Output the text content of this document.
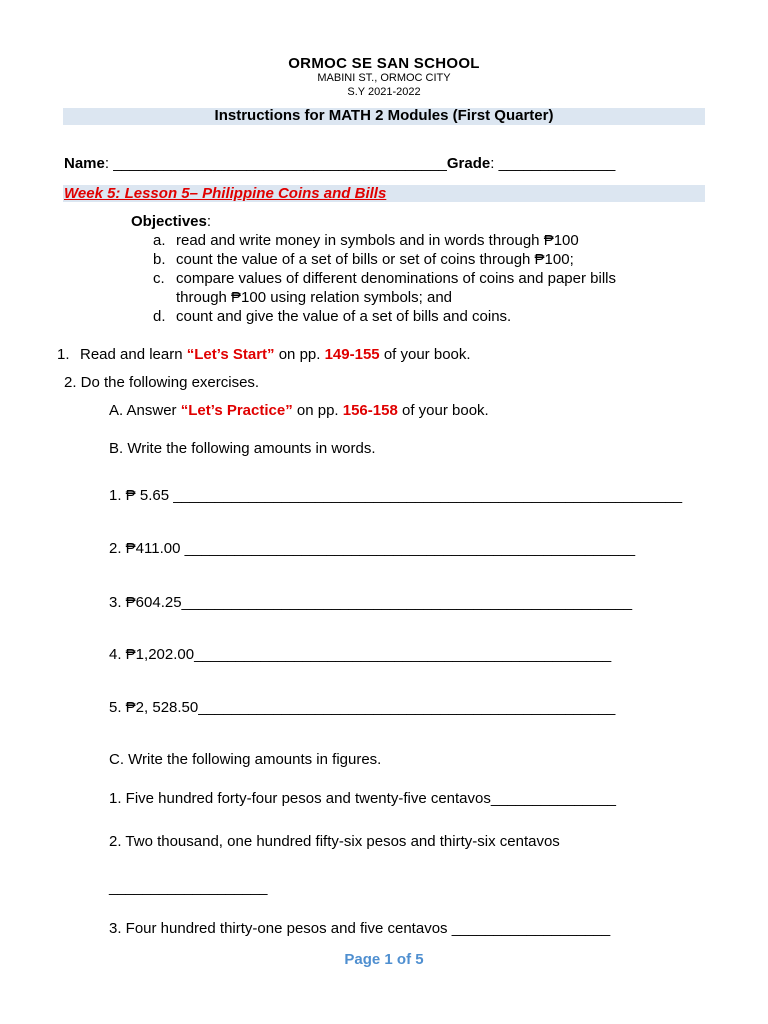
ORMOC SE SAN SCHOOL
MABINI ST., ORMOC CITY
S.Y 2021-2022
Instructions for MATH 2 Modules (First Quarter)
Name: ________________________________________Grade: ______________
Week 5: Lesson 5– Philippine Coins and Bills
Objectives:
a. read and write money in symbols and in words through ₱100
b. count the value of a set of bills or set of coins through ₱100;
c. compare values of different denominations of coins and paper bills
through ₱100 using relation symbols; and
d. count and give the value of a set of bills and coins.
1. Read and learn “Let’s Start” on pp. 149-155 of your book.
2. Do the following exercises.
A. Answer “Let’s Practice” on pp. 156-158 of your book.
B. Write the following amounts in words.
1. ₱ 5.65 _____________________________________________________________
2. ₱411.00 ______________________________________________________
3. ₱604.25______________________________________________________
4. ₱1,202.00__________________________________________________
5. ₱2, 528.50__________________________________________________
C. Write the following amounts in figures.
1. Five hundred forty-four pesos and twenty-five centavos_______________
2. Two thousand, one hundred fifty-six pesos and thirty-six centavos
___________________
3. Four hundred thirty-one pesos and five centavos ___________________
Page 1 of 5
